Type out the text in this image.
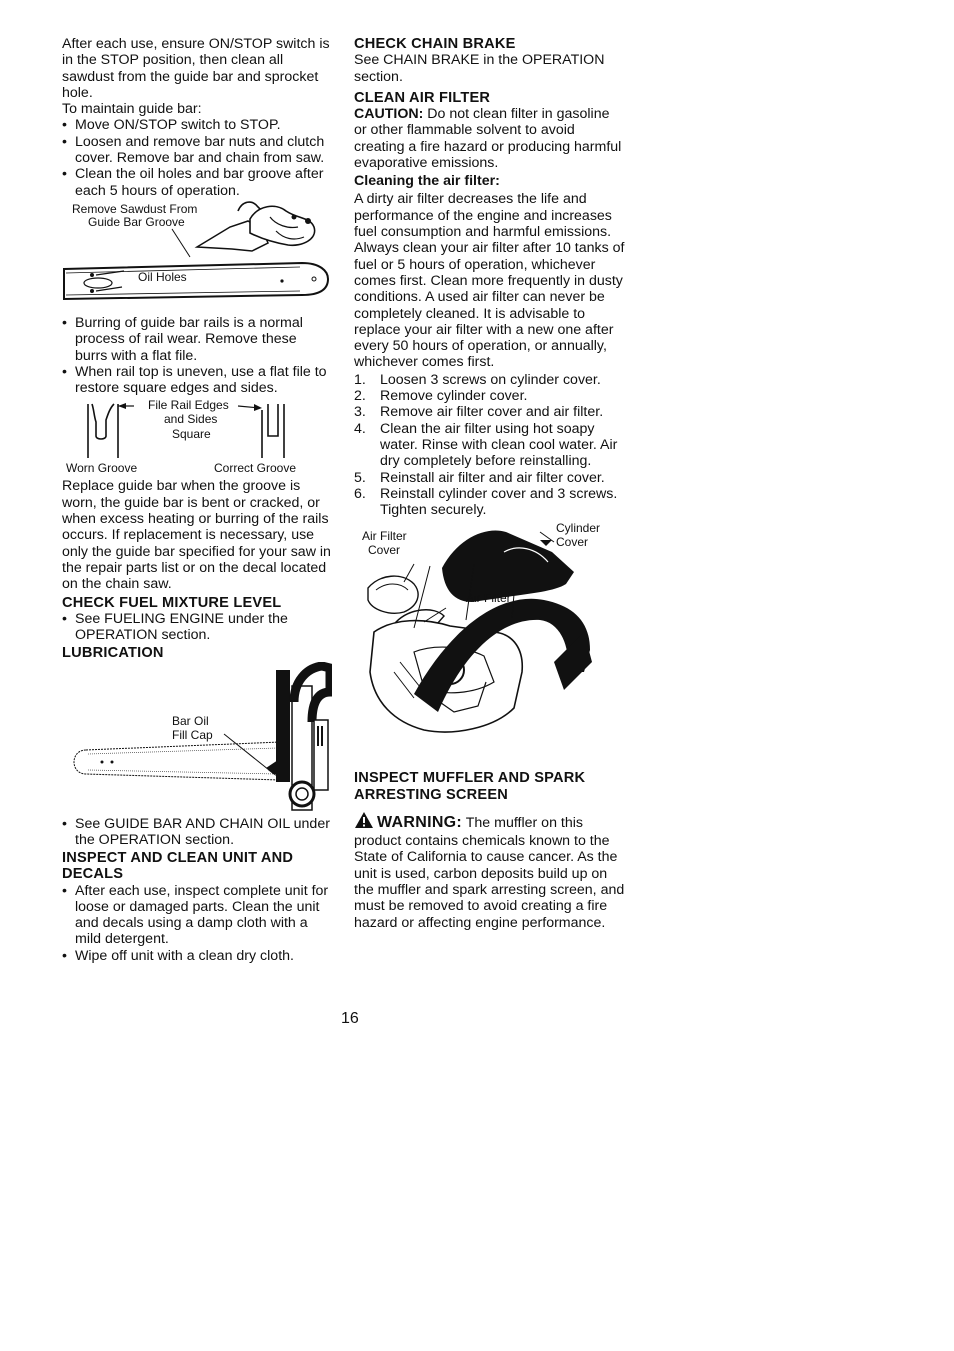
After each use, ensure ON/STOP switch is in the STOP position, then clean all sawdust from the guide bar and sprocket hole.

To maintain guide bar:

• Move ON/STOP switch to STOP.
• Loosen and remove bar nuts and clutch cover. Remove bar and chain from saw.
• Clean the oil holes and bar groove after each 5 hours of operation.
Remove Sawdust From
Guide Bar Groove
Oil Holes
• Burring of guide bar rails is a normal process of rail wear. Remove these burrs with a flat file.
• When rail top is uneven, use a flat file to restore square edges and sides.
File Rail Edges
and Sides
Square
Worn Groove	Correct Groove

Replace guide bar when the groove is worn, the guide bar is bent or cracked, or when excess heating or burring of the rails occurs. If replacement is necessary, use only the guide bar specified for your saw in the repair parts list or on the decal located on the chain saw.

CHECK FUEL MIXTURE LEVEL
• See FUELING ENGINE under the OPERATION section.
LUBRICATION
Bar Oil
Fill Cap
• See GUIDE BAR AND CHAIN OIL under the OPERATION section.
INSPECT AND CLEAN UNIT AND DECALS
• After each use, inspect complete unit for loose or damaged parts. Clean the unit and decals using a damp cloth with a mild detergent.
• Wipe off unit with a clean dry cloth.
CHECK CHAIN BRAKE

See CHAIN BRAKE in the OPERATION section.

CLEAN AIR FILTER

CAUTION: Do not clean filter in gasoline or other flammable solvent to avoid creating a fire hazard or producing harmful evaporative emissions.

Cleaning the air filter:

A dirty air filter decreases the life and performance of the engine and increases fuel consumption and harmful emissions. Always clean your air filter after 10 tanks of fuel or 5 hours of operation, whichever comes first. Clean more frequently in dusty conditions. A used air filter can never be completely cleaned. It is advisable to replace your air filter with a new one after every 50 hours of operation, or annually, whichever comes first.

1. Loosen 3 screws on cylinder cover.
2. Remove cylinder cover.
3. Remove air filter cover and air filter.
4. Clean the air filter using hot soapy water. Rinse with clean cool water. Air dry completely before reinstalling.
5. Reinstall air filter and air filter cover.
6. Reinstall cylinder cover and 3 screws. Tighten securely.
Air Filter
Cover
Cylinder
Cover
Air Filter
INSPECT MUFFLER AND SPARK ARRESTING SCREEN

WARNING: The muffler on this product contains chemicals known to the State of California to cause cancer. As the unit is used, carbon deposits build up on the muffler and spark arresting screen, and must be removed to avoid creating a fire hazard or affecting engine performance.

16
